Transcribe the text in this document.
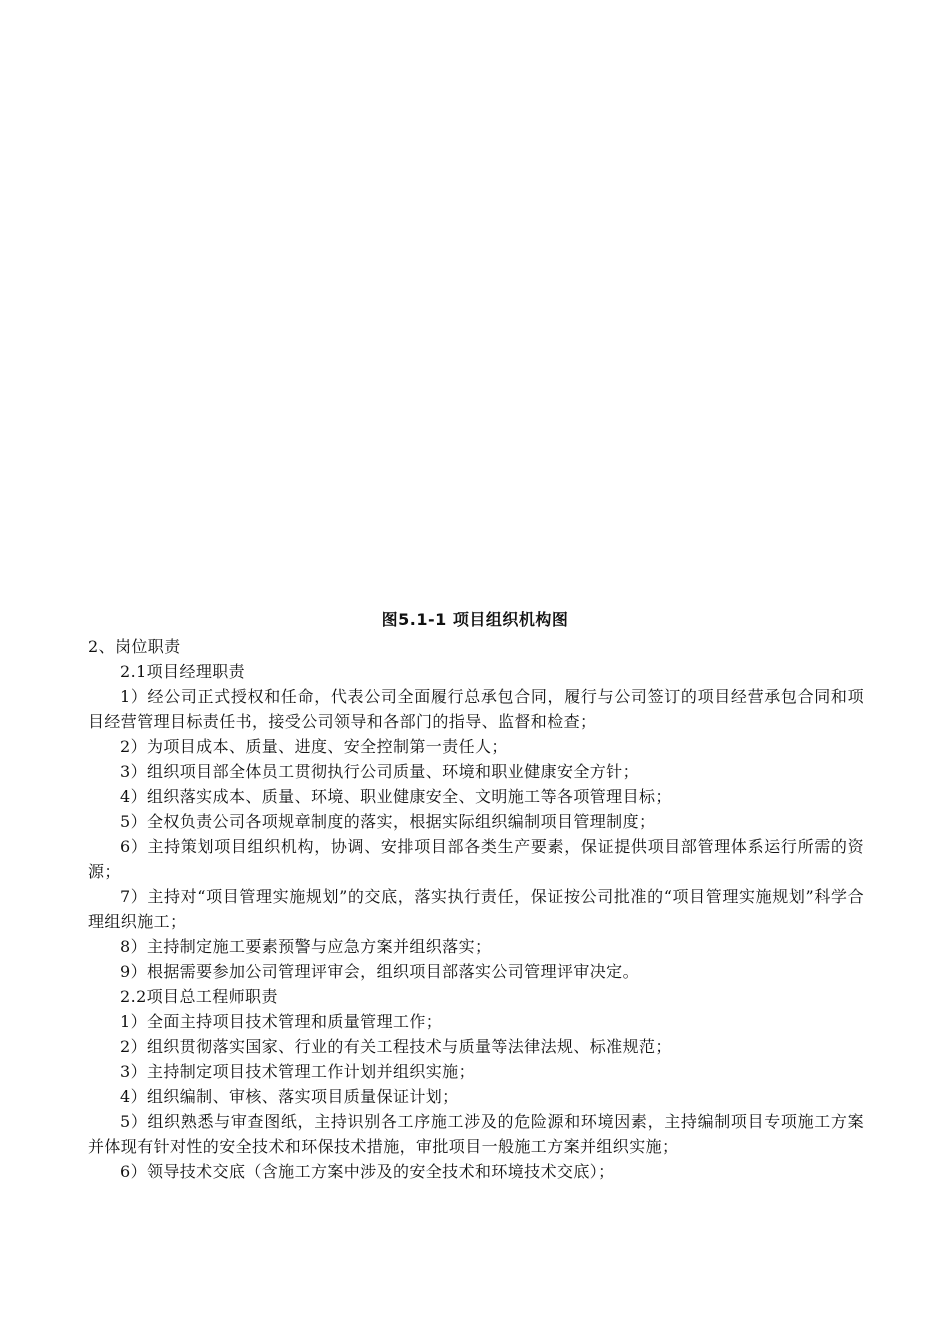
图5.1-1 项目组织机构图

2、岗位职责

2.1项目经理职责

1）经公司正式授权和任命，代表公司全面履行总承包合同，履行与公司签订的项目经营承包合同和项目经营管理目标责任书，接受公司领导和各部门的指导、监督和检查；

2）为项目成本、质量、进度、安全控制第一责任人；

3）组织项目部全体员工贯彻执行公司质量、环境和职业健康安全方针；

4）组织落实成本、质量、环境、职业健康安全、文明施工等各项管理目标；

5）全权负责公司各项规章制度的落实，根据实际组织编制项目管理制度；

6）主持策划项目组织机构，协调、安排项目部各类生产要素，保证提供项目部管理体系运行所需的资源；

7）主持对“项目管理实施规划”的交底，落实执行责任，保证按公司批准的“项目管理实施规划”科学合理组织施工；

8）主持制定施工要素预警与应急方案并组织落实；

9）根据需要参加公司管理评审会，组织项目部落实公司管理评审决定。

2.2项目总工程师职责

1）全面主持项目技术管理和质量管理工作；

2）组织贯彻落实国家、行业的有关工程技术与质量等法律法规、标准规范；

3）主持制定项目技术管理工作计划并组织实施；

4）组织编制、审核、落实项目质量保证计划；

5）组织熟悉与审查图纸，主持识别各工序施工涉及的危险源和环境因素，主持编制项目专项施工方案并体现有针对性的安全技术和环保技术措施，审批项目一般施工方案并组织实施；

6）领导技术交底（含施工方案中涉及的安全技术和环境技术交底）；
